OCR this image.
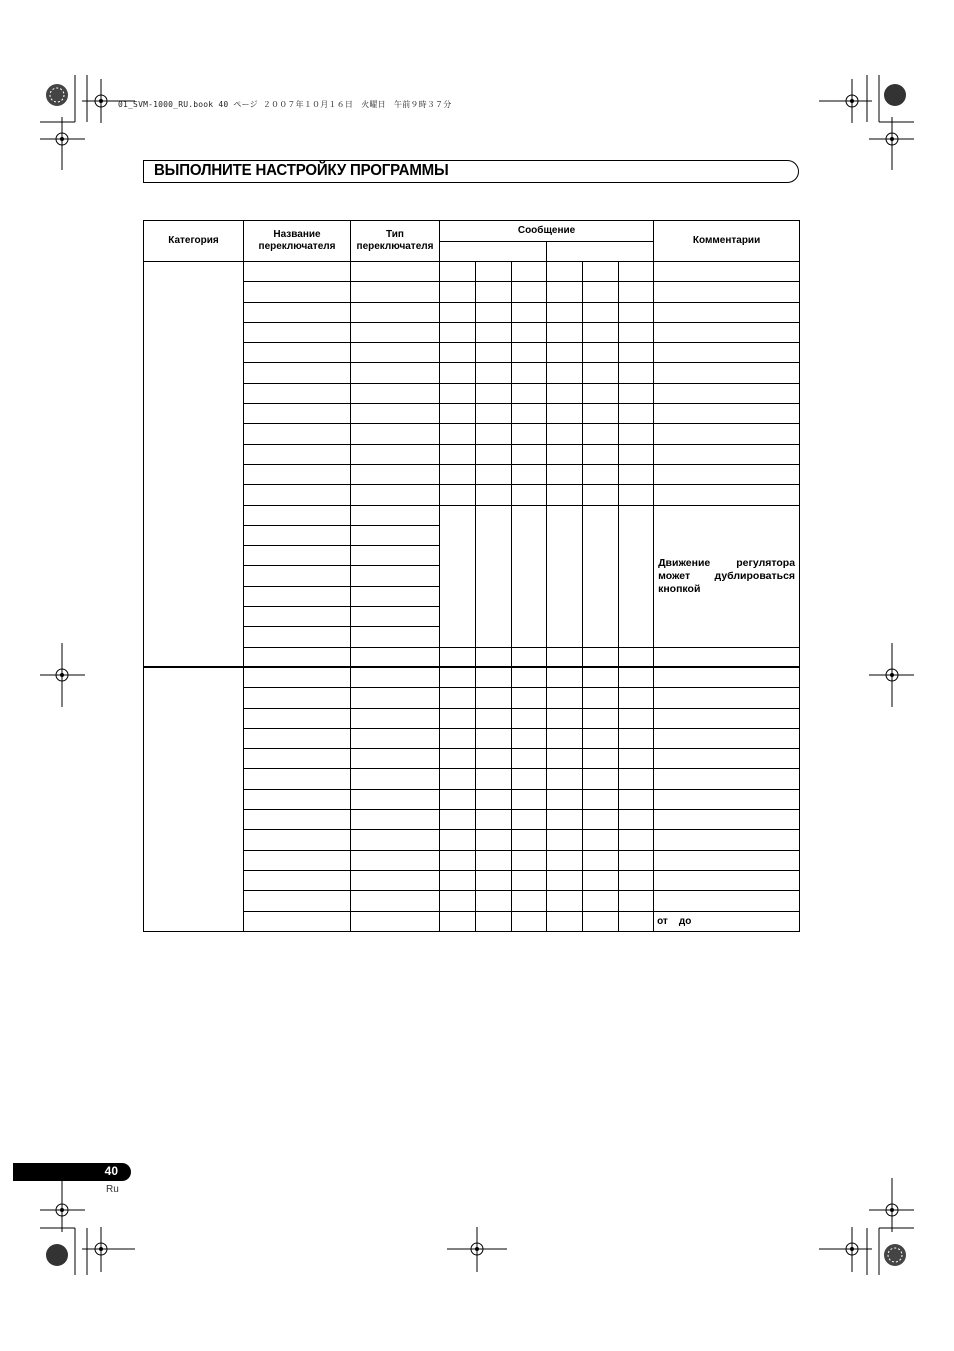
01_SVM-1000_RU.book 40 ページ ２００７年１０月１６日　火曜日　午前９時３７分
ВЫПОЛНИТЕ НАСТРОЙКУ ПРОГРАММЫ
Категория	Название переключателя	Тип переключателя	Сообщение						Комментарии

									Движение регулятора может дублироваться кнопкой

									от    до
40
Ru
